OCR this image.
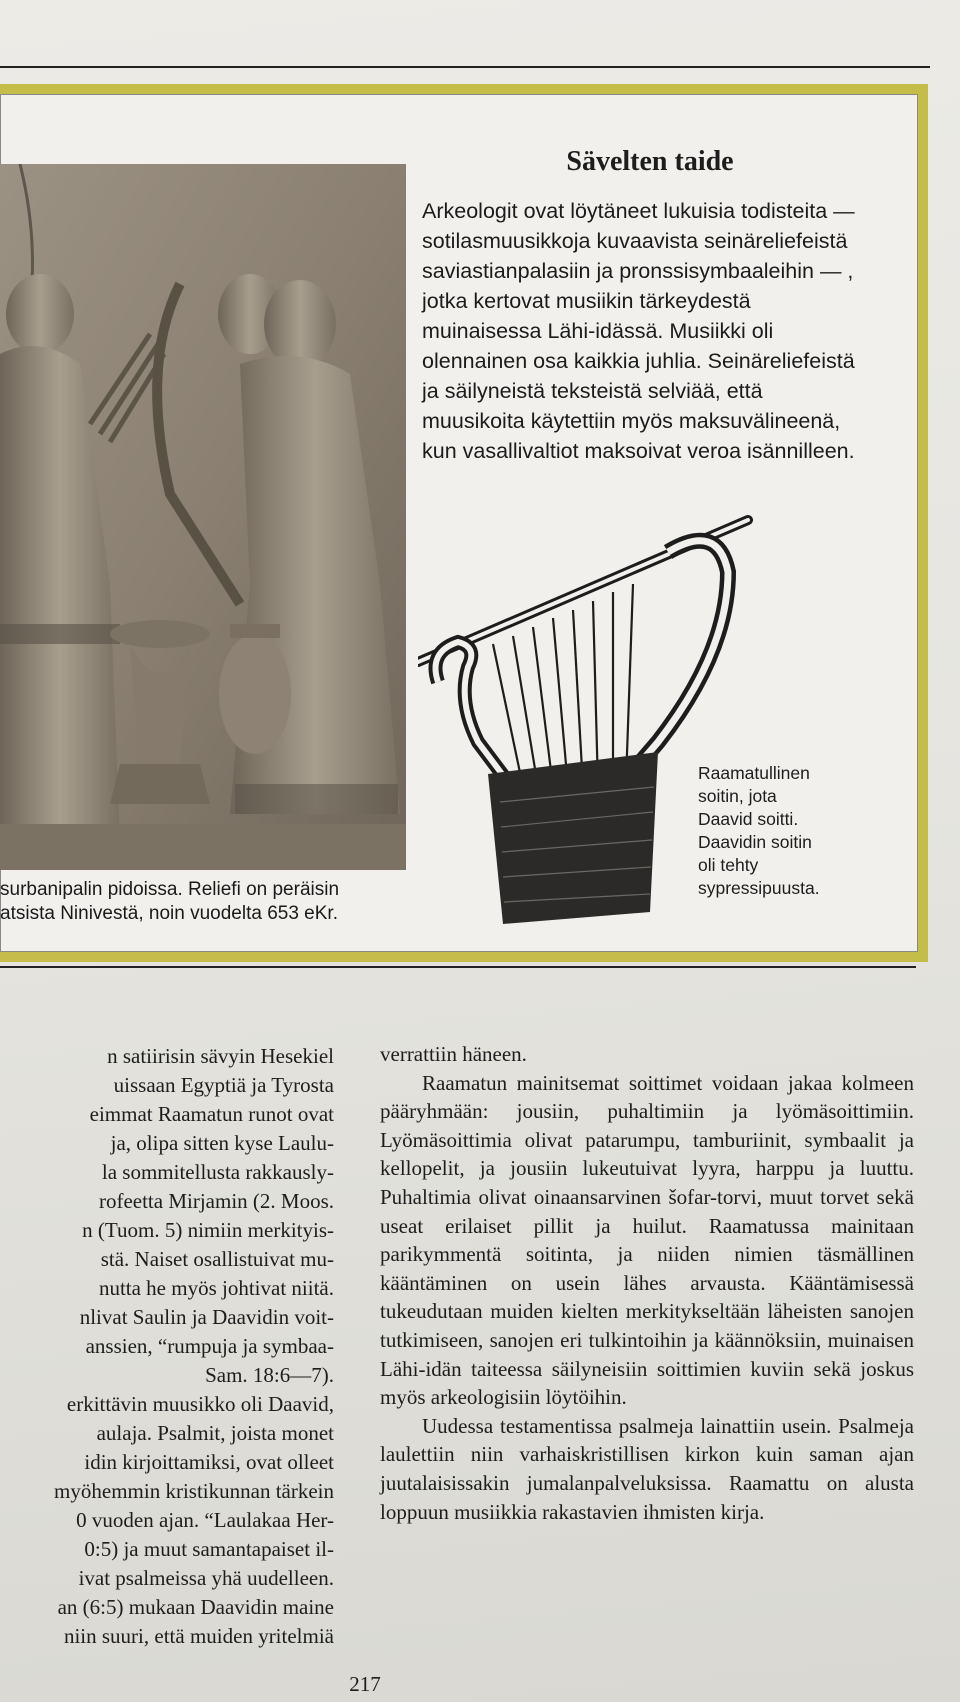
surbanipalin pidoissa. Reliefi on peräisin
atsista Ninivestä, noin vuodelta 653 eKr.
Sävelten taide
Arkeologit ovat löytäneet lukuisia todisteita — sotilasmuusikkoja kuvaavista seinäreliefeistä saviastianpalasiin ja pronssisymbaaleihin — , jotka kertovat musiikin tärkeydestä muinaisessa Lähi-idässä. Musiikki oli olennainen osa kaikkia juhlia. Seinäreliefeistä ja säilyneistä teksteistä selviää, että muusikoita käytettiin myös maksuvälineenä, kun vasallivaltiot maksoivat veroa isännilleen.
Raamatullinen
soitin, jota
Daavid soitti.
Daavidin soitin
oli tehty
sypressipuusta.

n satiirisin sävyin Hesekiel

uissaan Egyptiä ja Tyrosta

eimmat Raamatun runot ovat

ja, olipa sitten kyse Laulu-

la sommitellusta rakkausly-

rofeetta Mirjamin (2. Moos.

n (Tuom. 5) nimiin merkityis-

stä. Naiset osallistuivat mu-

nutta he myös johtivat niitä.

nlivat Saulin ja Daavidin voit-

anssien, “rumpuja ja symbaa-

Sam. 18:6—7).

erkittävin muusikko oli Daavid,

aulaja. Psalmit, joista monet

idin kirjoittamiksi, ovat olleet

myöhemmin kristikunnan tärkein

0 vuoden ajan. “Laulakaa Her-

0:5) ja muut samantapaiset il-

ivat psalmeissa yhä uudelleen.

an (6:5) mukaan Daavidin maine

niin suuri, että muiden yritelmiä

verrattiin häneen.

Raamatun mainitsemat soittimet voidaan jakaa kolmeen pääryhmään: jousiin, puhaltimiin ja lyömäsoittimiin. Lyömäsoittimia olivat patarumpu, tamburiinit, symbaalit ja kellopelit, ja jousiin lukeutuivat lyyra, harppu ja luuttu. Puhaltimia olivat oinaansarvinen šofar-torvi, muut torvet sekä useat erilaiset pillit ja huilut. Raamatussa mainitaan parikymmentä soitinta, ja niiden nimien täsmällinen kääntäminen on usein lähes arvausta. Kääntämisessä tukeudutaan muiden kielten merkitykseltään läheisten sanojen tutkimiseen, sanojen eri tulkintoihin ja käännöksiin, muinaisen Lähi-idän taiteessa säilyneisiin soittimien kuviin sekä joskus myös arkeologisiin löytöihin.

Uudessa testamentissa psalmeja lainattiin usein. Psalmeja laulettiin niin varhaiskristillisen kirkon kuin saman ajan juutalaisissakin jumalanpalveluksissa. Raamattu on alusta loppuun musiikkia rakastavien ihmisten kirja.

217
